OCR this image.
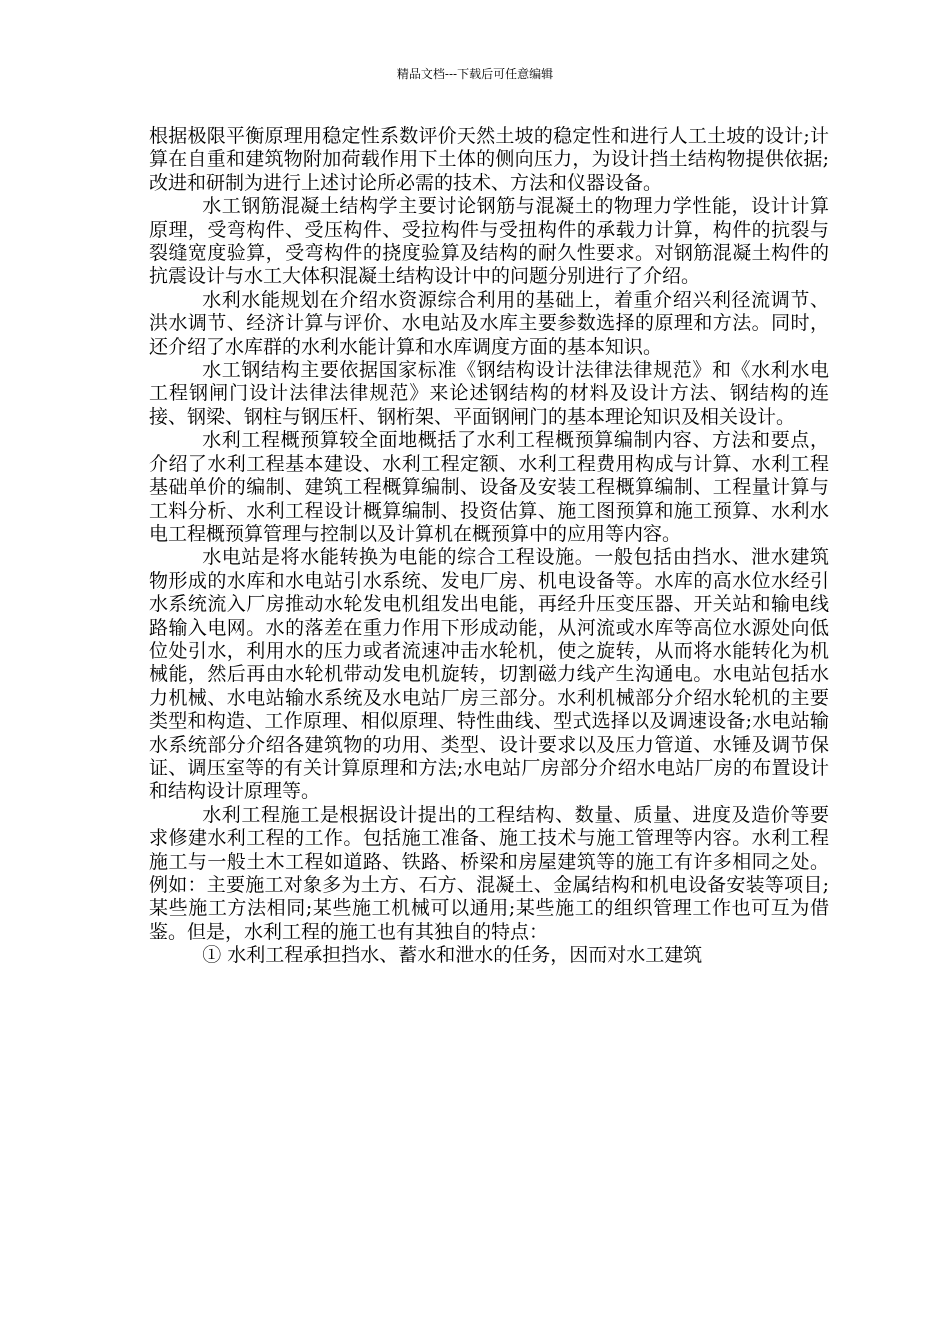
精品文档---下载后可任意编辑

根据极限平衡原理用稳定性系数评价天然土坡的稳定性和进行人工土坡的设计;计算在自重和建筑物附加荷载作用下土体的侧向压力，为设计挡土结构物提供依据;改进和研制为进行上述讨论所必需的技术、方法和仪器设备。

水工钢筋混凝土结构学主要讨论钢筋与混凝土的物理力学性能，设计计算原理，受弯构件、受压构件、受拉构件与受扭构件的承载力计算，构件的抗裂与裂缝宽度验算，受弯构件的挠度验算及结构的耐久性要求。对钢筋混凝土构件的抗震设计与水工大体积混凝土结构设计中的问题分别进行了介绍。

水利水能规划在介绍水资源综合利用的基础上，着重介绍兴利径流调节、洪水调节、经济计算与评价、水电站及水库主要参数选择的原理和方法。同时，还介绍了水库群的水利水能计算和水库调度方面的基本知识。

水工钢结构主要依据国家标准《钢结构设计法律法律规范》和《水利水电工程钢闸门设计法律法律规范》来论述钢结构的材料及设计方法、钢结构的连接、钢梁、钢柱与钢压杆、钢桁架、平面钢闸门的基本理论知识及相关设计。

水利工程概预算较全面地概括了水利工程概预算编制内容、方法和要点，介绍了水利工程基本建设、水利工程定额、水利工程费用构成与计算、水利工程基础单价的编制、建筑工程概算编制、设备及安装工程概算编制、工程量计算与工料分析、水利工程设计概算编制、投资估算、施工图预算和施工预算、水利水电工程概预算管理与控制以及计算机在概预算中的应用等内容。

水电站是将水能转换为电能的综合工程设施。一般包括由挡水、泄水建筑物形成的水库和水电站引水系统、发电厂房、机电设备等。水库的高水位水经引水系统流入厂房推动水轮发电机组发出电能，再经升压变压器、开关站和输电线路输入电网。水的落差在重力作用下形成动能，从河流或水库等高位水源处向低位处引水，利用水的压力或者流速冲击水轮机，使之旋转，从而将水能转化为机械能，然后再由水轮机带动发电机旋转，切割磁力线产生沟通电。水电站包括水力机械、水电站输水系统及水电站厂房三部分。水利机械部分介绍水轮机的主要类型和构造、工作原理、相似原理、特性曲线、型式选择以及调速设备;水电站输水系统部分介绍各建筑物的功用、类型、设计要求以及压力管道、水锤及调节保证、调压室等的有关计算原理和方法;水电站厂房部分介绍水电站厂房的布置设计和结构设计原理等。

水利工程施工是根据设计提出的工程结构、数量、质量、进度及造价等要求修建水利工程的工作。包括施工准备、施工技术与施工管理等内容。水利工程施工与一般土木工程如道路、铁路、桥梁和房屋建筑等的施工有许多相同之处。例如：主要施工对象多为土方、石方、混凝土、金属结构和机电设备安装等项目;某些施工方法相同;某些施工机械可以通用;某些施工的组织管理工作也可互为借鉴。但是，水利工程的施工也有其独自的特点：

① 水利工程承担挡水、蓄水和泄水的任务，因而对水工建筑
